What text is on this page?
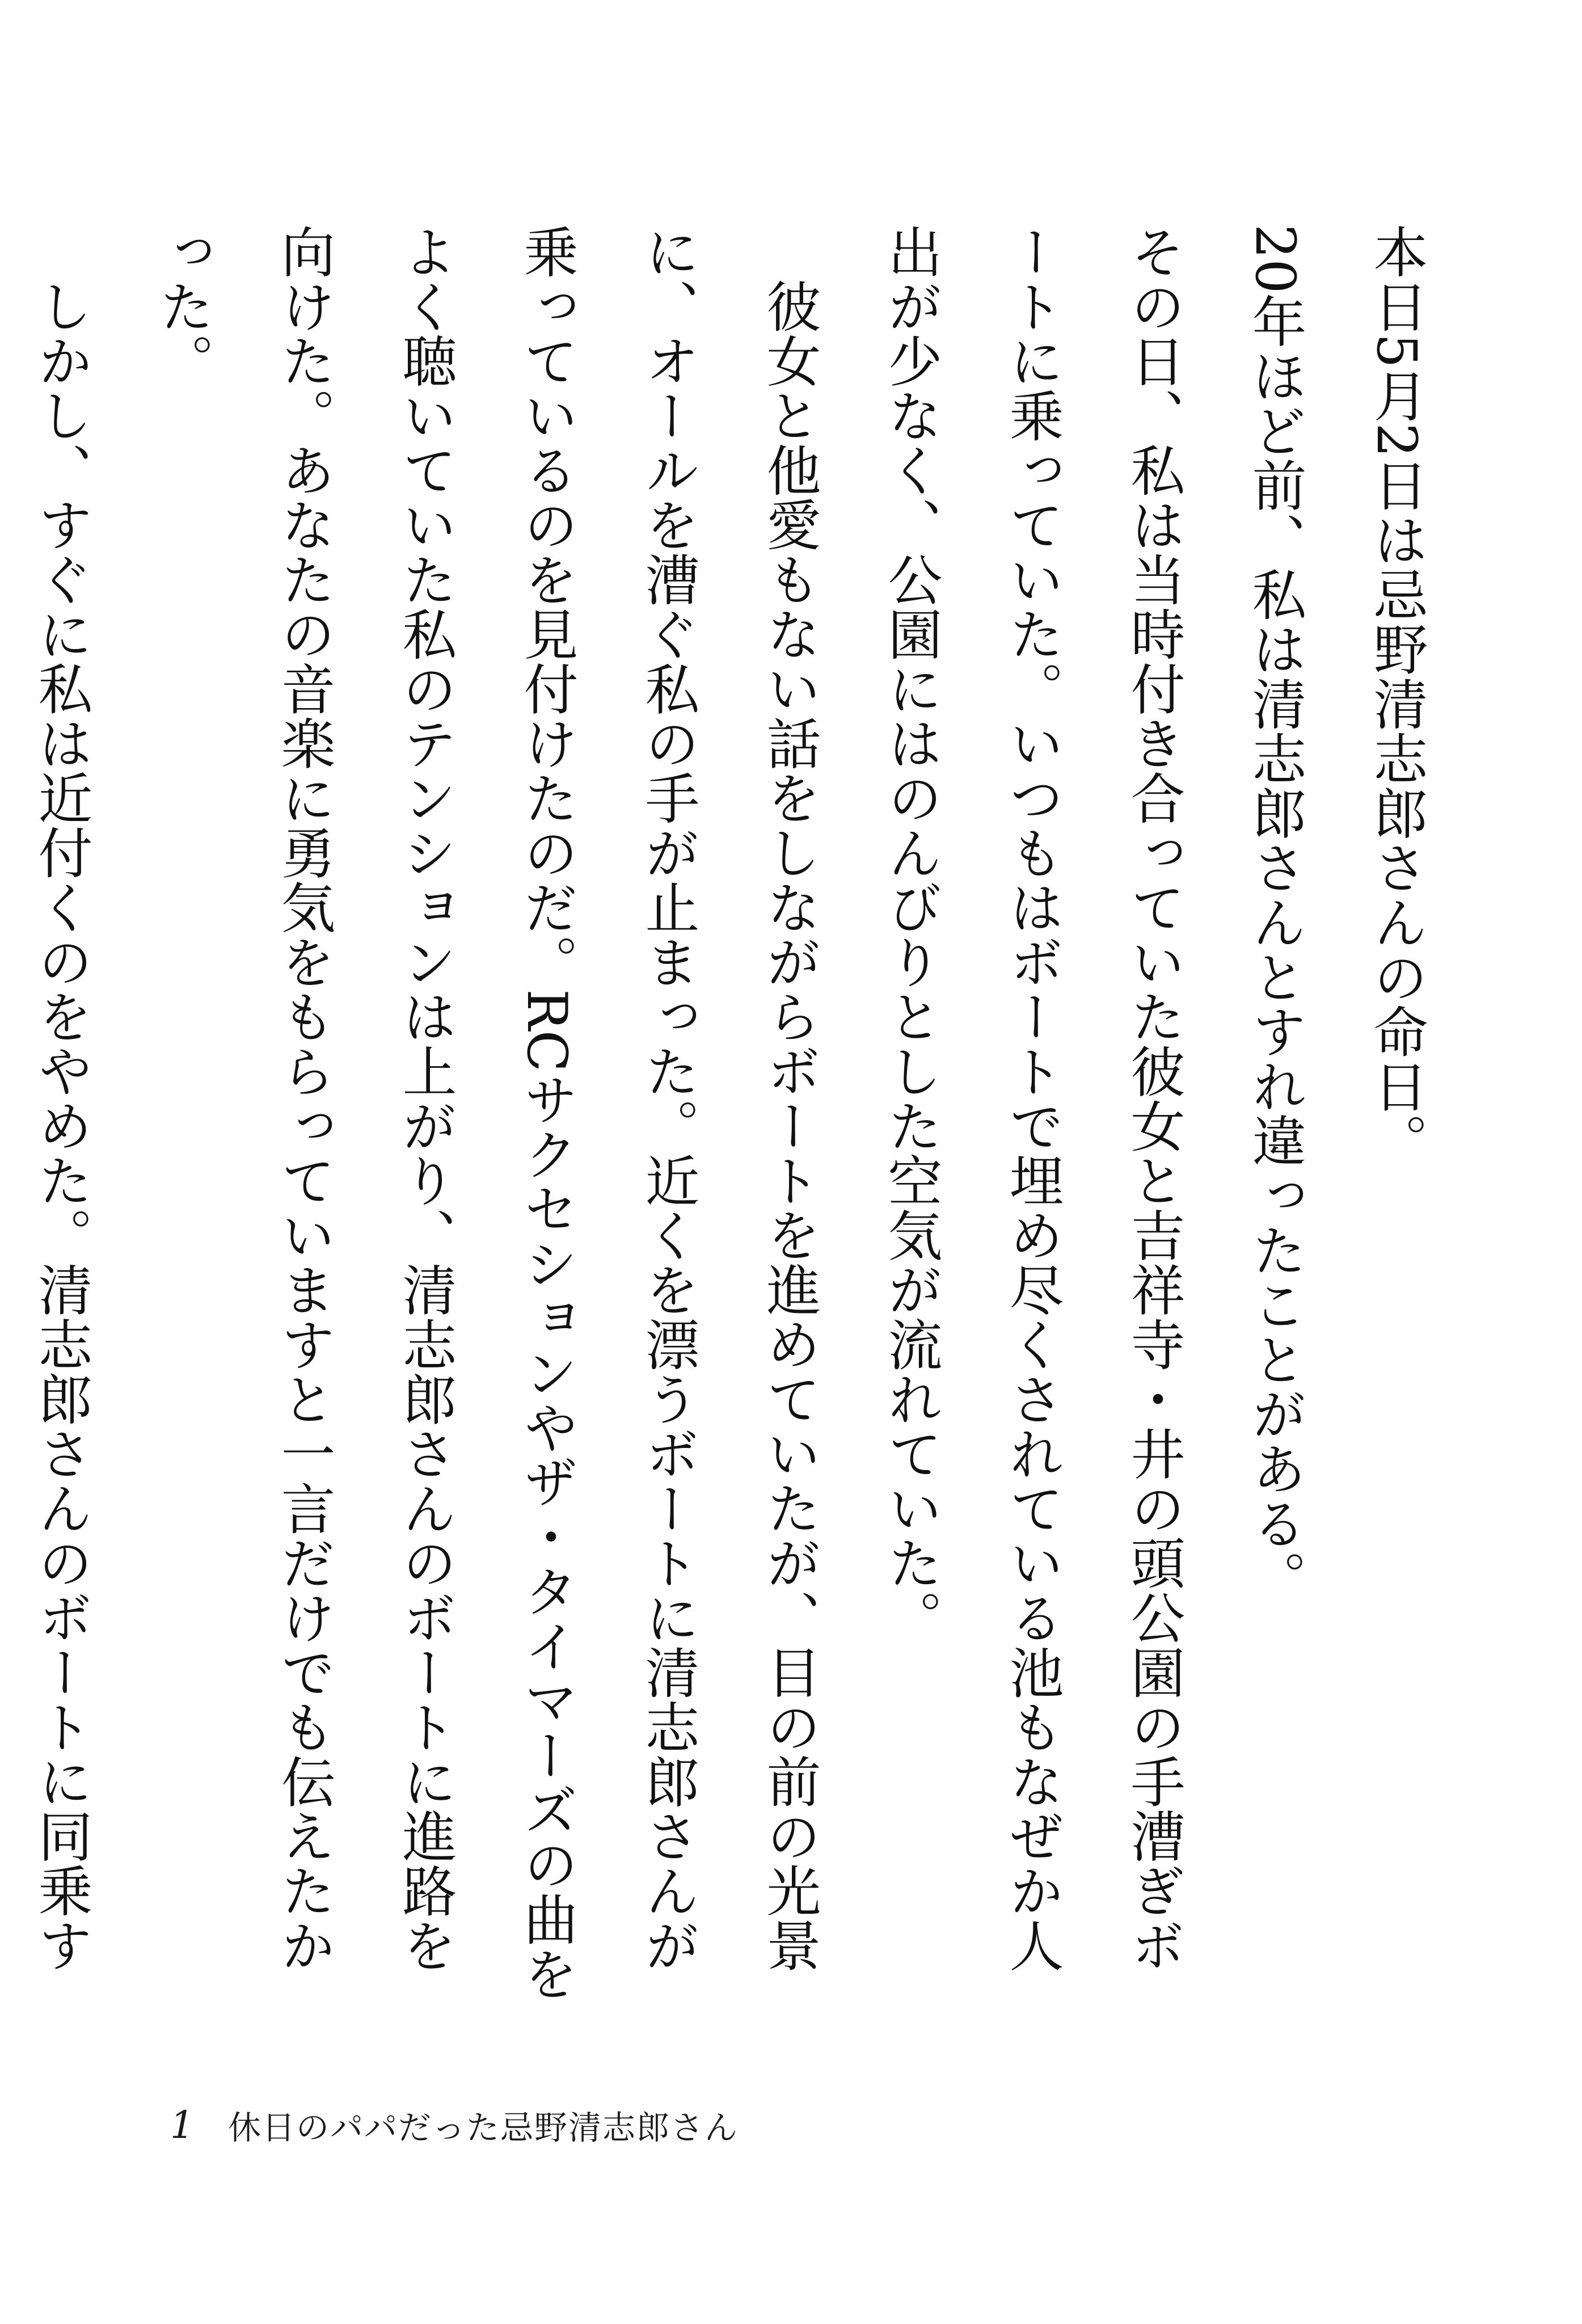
本日5月2日は忌野清志郎さんの命日。

20年ほど前、私は清志郎さんとすれ違ったことがある。

その日、私は当時付き合っていた彼女と吉祥寺・井の頭公園の手漕ぎボートに乗っていた。いつもはボートで埋め尽くされている池もなぜか人出が少なく、公園にはのんびりとした空気が流れていた。

彼女と他愛もない話をしながらボートを進めていたが、目の前の光景に、オールを漕ぐ私の手が止まった。近くを漂うボートに清志郎さんが乗っているのを見付けたのだ。RCサクセションやザ・タイマーズの曲をよく聴いていた私のテンションは上がり、清志郎さんのボートに進路を向けた。あなたの音楽に勇気をもらっていますと一言だけでも伝えたかった。

しかし、すぐに私は近付くのをやめた。清志郎さんのボートに同乗す

1 休日のパパだった忌野清志郎さん
